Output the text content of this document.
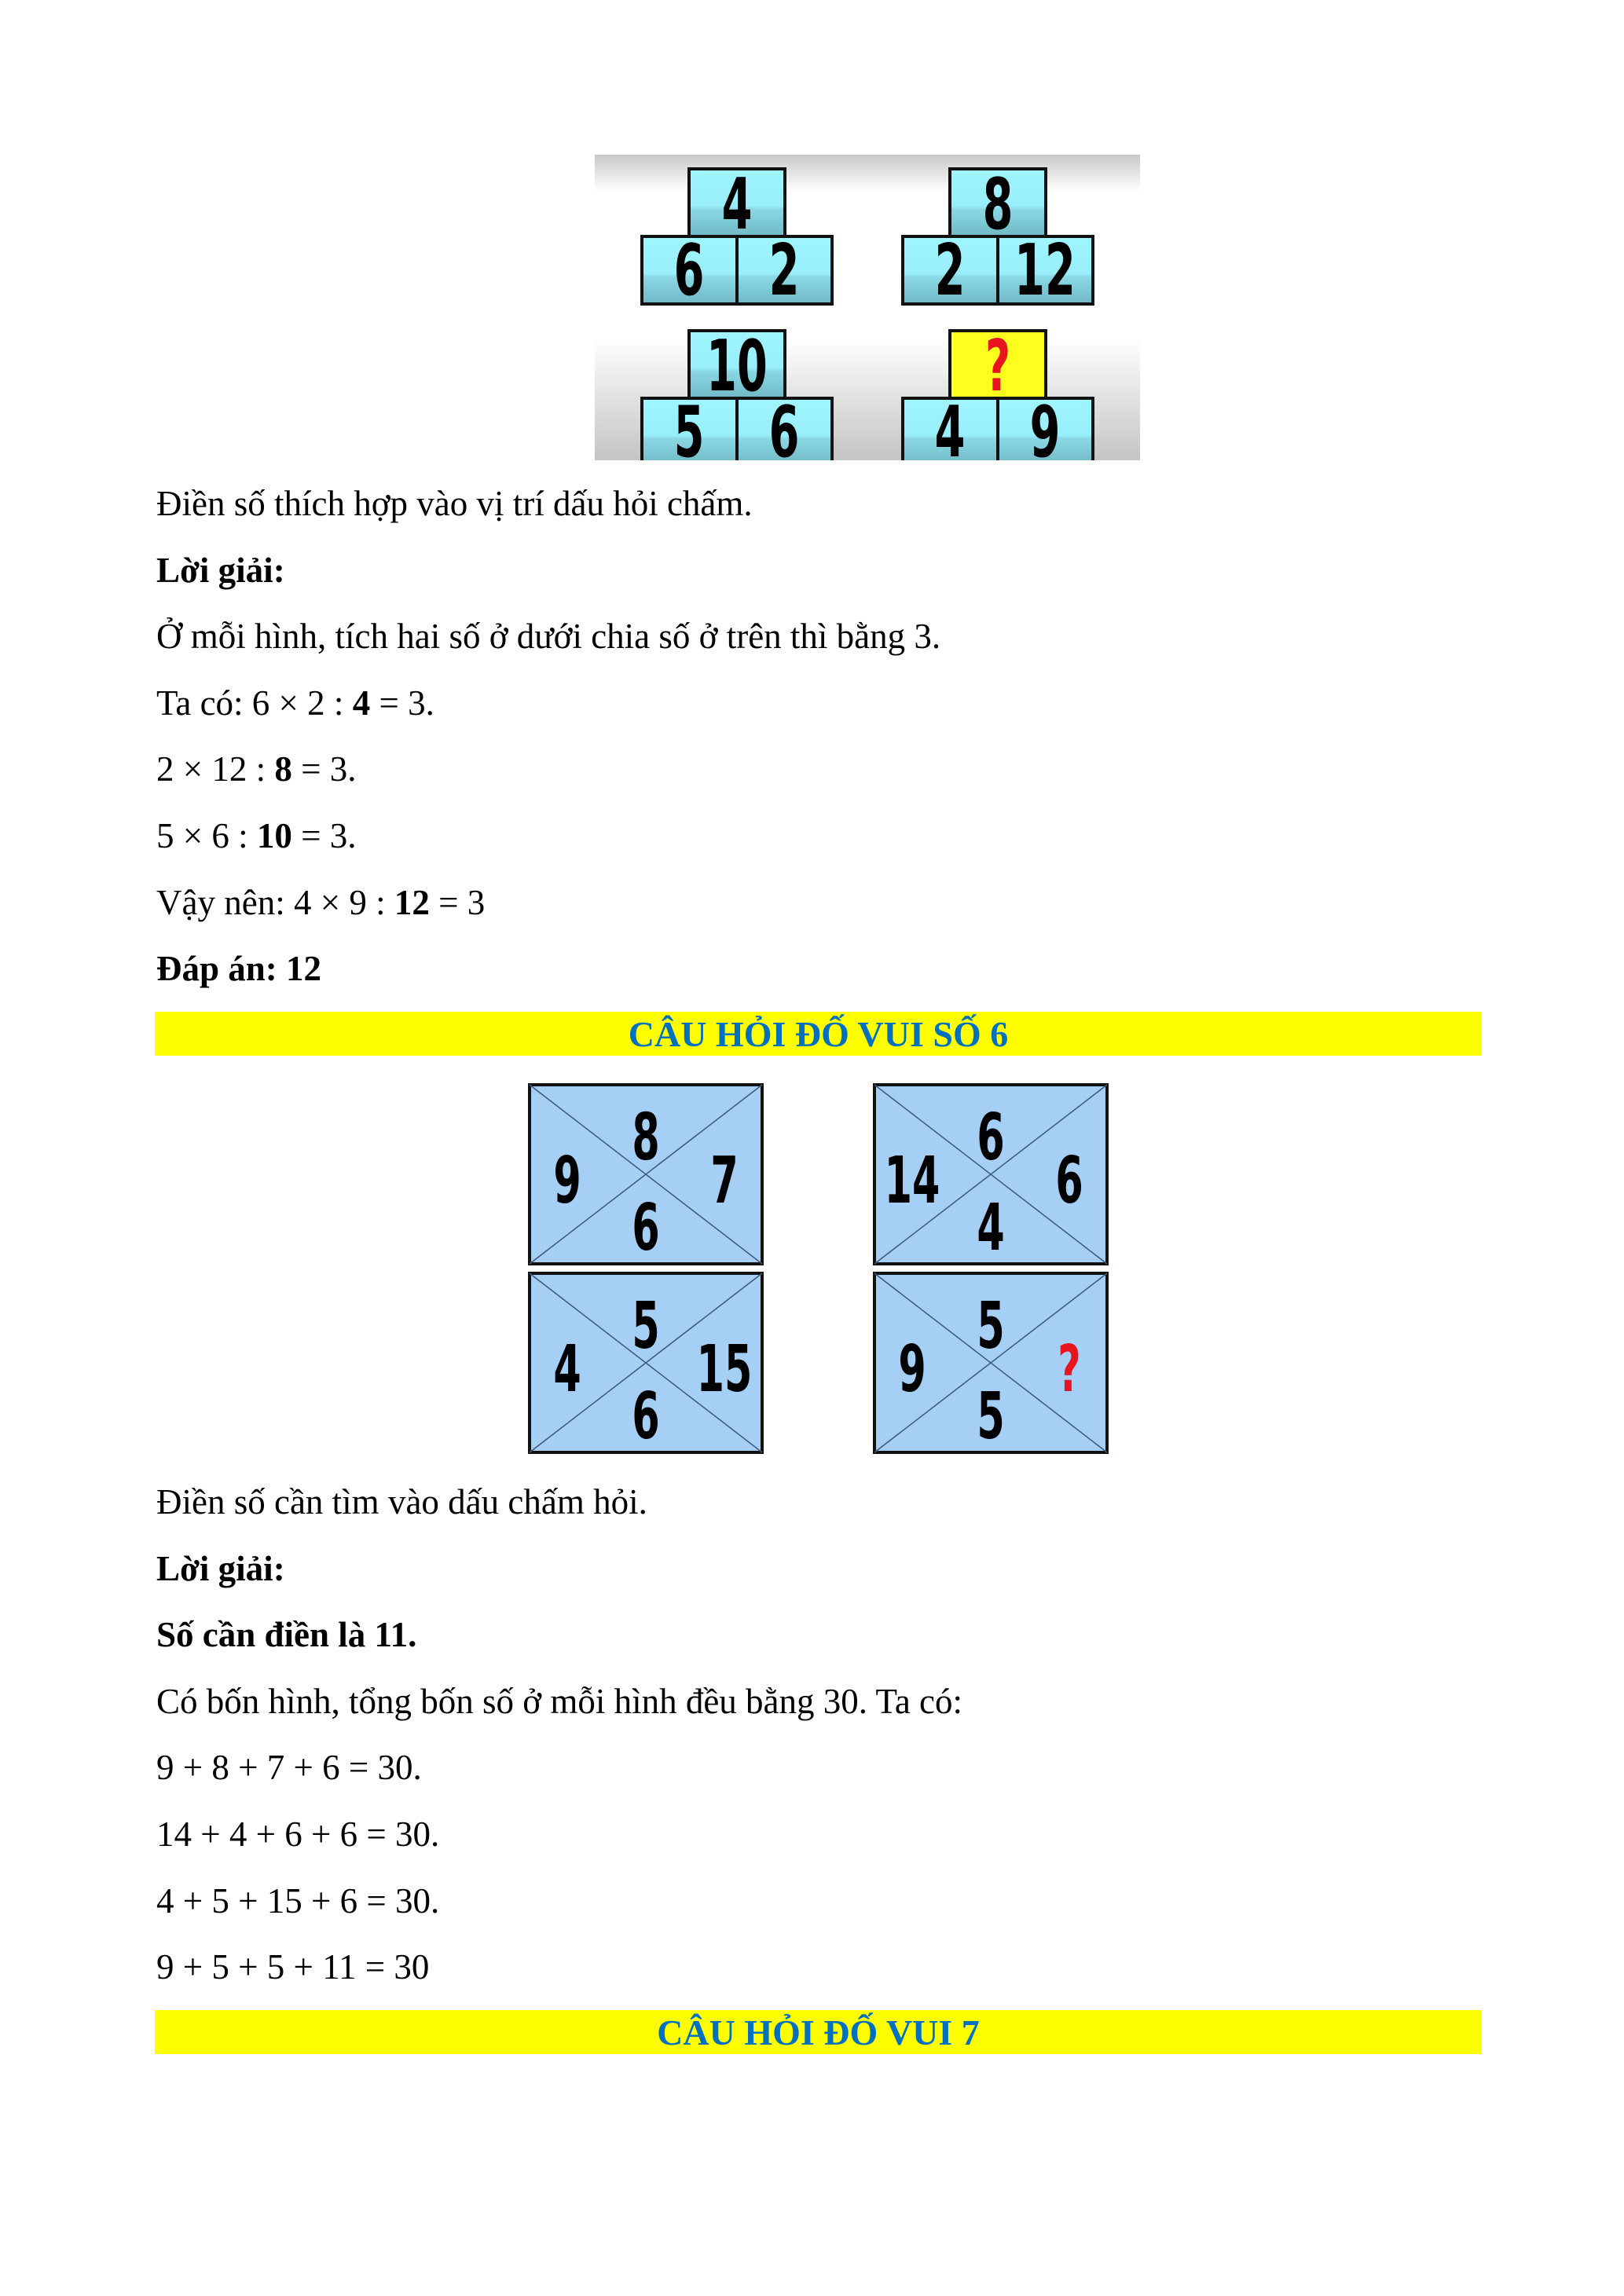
4
6 2
8
2 12
10
5 6
?
4 9
Điền số thích hợp vào vị trí dấu hỏi chấm.
Lời giải:
Ở mỗi hình, tích hai số ở dưới chia số ở trên thì bằng 3.
Ta có: 6 × 2 : 4 = 3.
2 × 12 : 8 = 3.
5 × 6 : 10 = 3.
Vậy nên: 4 × 9 : 12 = 3
Đáp án: 12
CÂU HỎI ĐỐ VUI SỐ 6
8
6
9 7
6
4
14 6
5
6
4 15
5
5
9 ?
Điền số cần tìm vào dấu chấm hỏi.
Lời giải:
Số cần điền là 11.
Có bốn hình, tổng bốn số ở mỗi hình đều bằng 30. Ta có:
9 + 8 + 7 + 6 = 30.
14 + 4 + 6 + 6 = 30.
4 + 5 + 15 + 6 = 30.
9 + 5 + 5 + 11 = 30
CÂU HỎI ĐỐ VUI 7
